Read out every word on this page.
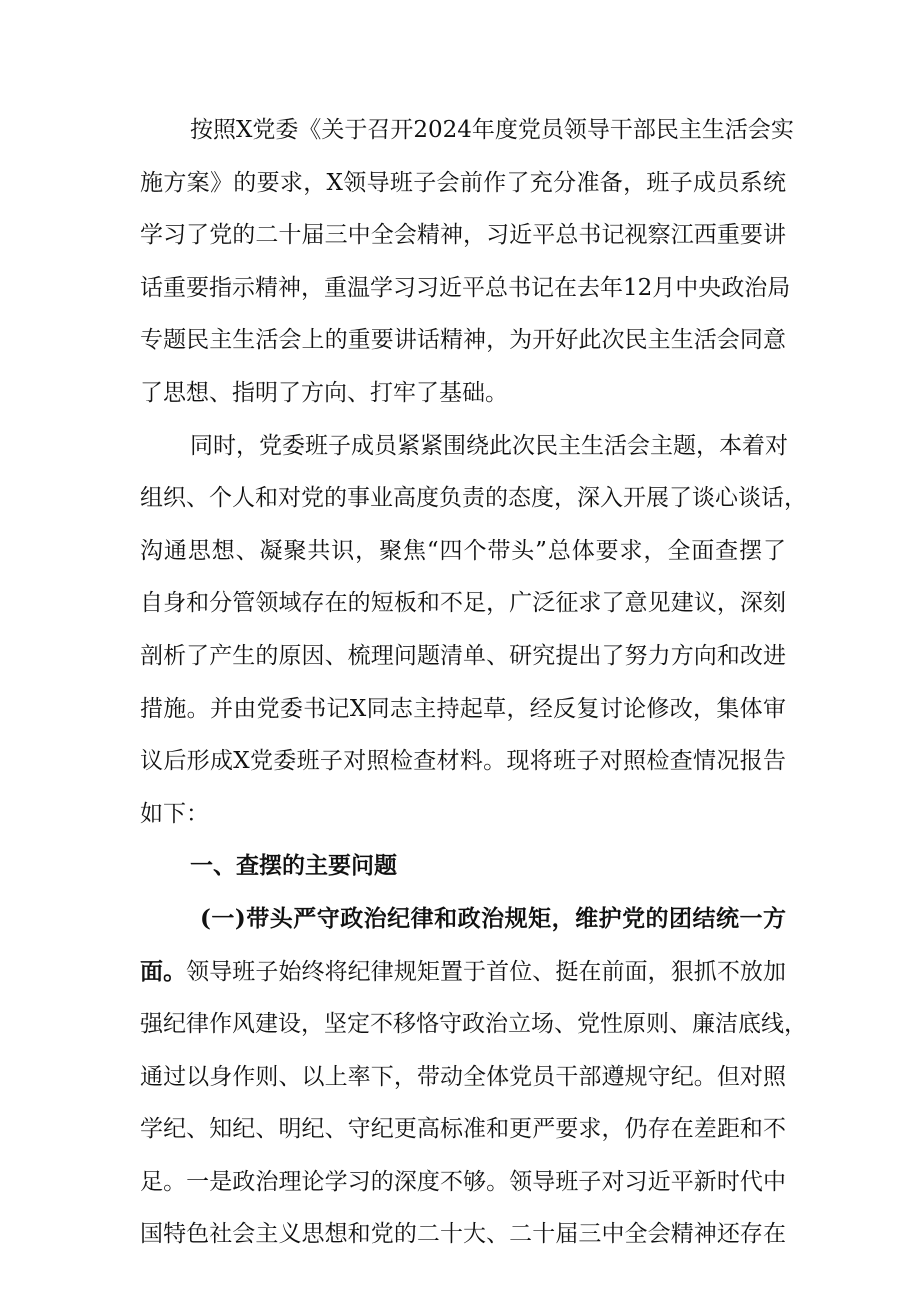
按照X党委《关于召开2024年度党员领导干部民主生活会实
施方案》的要求，X领导班子会前作了充分准备，班子成员系统
学习了党的二十届三中全会精神，习近平总书记视察江西重要讲
话重要指示精神，重温学习习近平总书记在去年12月中央政治局
专题民主生活会上的重要讲话精神，为开好此次民主生活会同意
了思想、指明了方向、打牢了基础。
同时，党委班子成员紧紧围绕此次民主生活会主题，本着对
组织、个人和对党的事业高度负责的态度，深入开展了谈心谈话，
沟通思想、凝聚共识，聚焦“四个带头”总体要求，全面查摆了
自身和分管领域存在的短板和不足，广泛征求了意见建议，深刻
剖析了产生的原因、梳理问题清单、研究提出了努力方向和改进
措施。并由党委书记X同志主持起草，经反复讨论修改，集体审
议后形成X党委班子对照检查材料。现将班子对照检查情况报告
如下：
一、查摆的主要问题
(一)带头严守政治纪律和政治规矩，维护党的团结统一方
面。领导班子始终将纪律规矩置于首位、挺在前面，狠抓不放加
强纪律作风建设，坚定不移恪守政治立场、党性原则、廉洁底线，
通过以身作则、以上率下，带动全体党员干部遵规守纪。但对照
学纪、知纪、明纪、守纪更高标准和更严要求，仍存在差距和不
足。一是政治理论学习的深度不够。领导班子对习近平新时代中
国特色社会主义思想和党的二十大、二十届三中全会精神还存在
